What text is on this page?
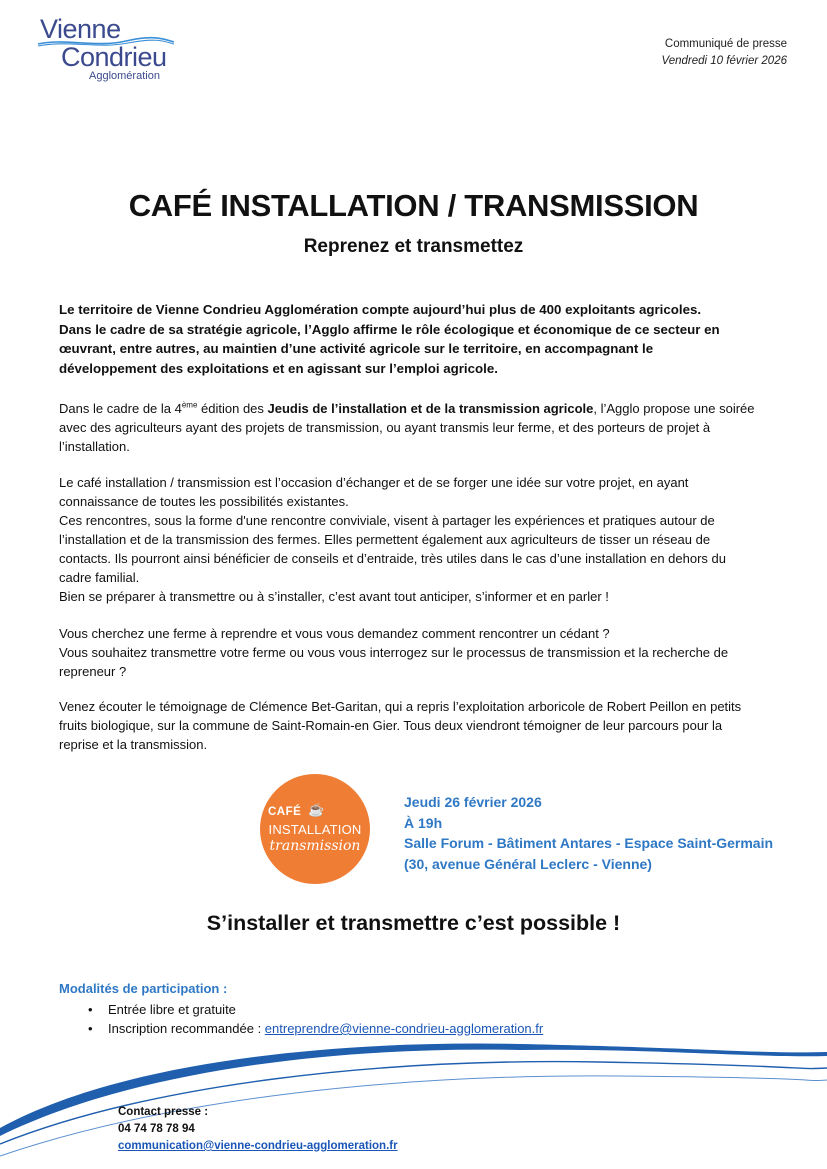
Vienne
Condrieu
Agglomération
Communiqué de presse
Vendredi 10 février 2026
CAFÉ INSTALLATION / TRANSMISSION
Reprenez et transmettez
Le territoire de Vienne Condrieu Agglomération compte aujourd’hui plus de 400 exploitants agricoles.
Dans le cadre de sa stratégie agricole, l’Agglo affirme le rôle écologique et économique de ce secteur en
œuvrant, entre autres, au maintien d’une activité agricole sur le territoire, en accompagnant le
développement des exploitations et en agissant sur l’emploi agricole.
Dans le cadre de la 4ème édition des Jeudis de l’installation et de la transmission agricole, l’Agglo propose une soirée
avec des agriculteurs ayant des projets de transmission, ou ayant transmis leur ferme, et des porteurs de projet à
l’installation.
Le café installation / transmission est l’occasion d’échanger et de se forger une idée sur votre projet, en ayant
connaissance de toutes les possibilités existantes.
Ces rencontres, sous la forme d'une rencontre conviviale, visent à partager les expériences et pratiques autour de
l’installation et de la transmission des fermes. Elles permettent également aux agriculteurs de tisser un réseau de
contacts. Ils pourront ainsi bénéficier de conseils et d’entraide, très utiles dans le cas d’une installation en dehors du
cadre familial.
Bien se préparer à transmettre ou à s’installer, c’est avant tout anticiper, s’informer et en parler !
Vous cherchez une ferme à reprendre et vous vous demandez comment rencontrer un cédant ?
Vous souhaitez transmettre votre ferme ou vous vous interrogez sur le processus de transmission et la recherche de
repreneur ?
Venez écouter le témoignage de Clémence Bet-Garitan, qui a repris l’exploitation arboricole de Robert Peillon en petits
fruits biologique, sur la commune de Saint-Romain-en Gier. Tous deux viendront témoigner de leur parcours pour la
reprise et la transmission.
CAFÉ ☕
INSTALLATION
transmission
Jeudi 26 février 2026
À 19h
Salle Forum - Bâtiment Antares - Espace Saint-Germain
(30, avenue Général Leclerc - Vienne)
S’installer et transmettre c’est possible !
Modalités de participation :
• Entrée libre et gratuite
• Inscription recommandée : entreprendre@vienne-condrieu-agglomeration.fr
Contact presse :
04 74 78 78 94
communication@vienne-condrieu-agglomeration.fr
